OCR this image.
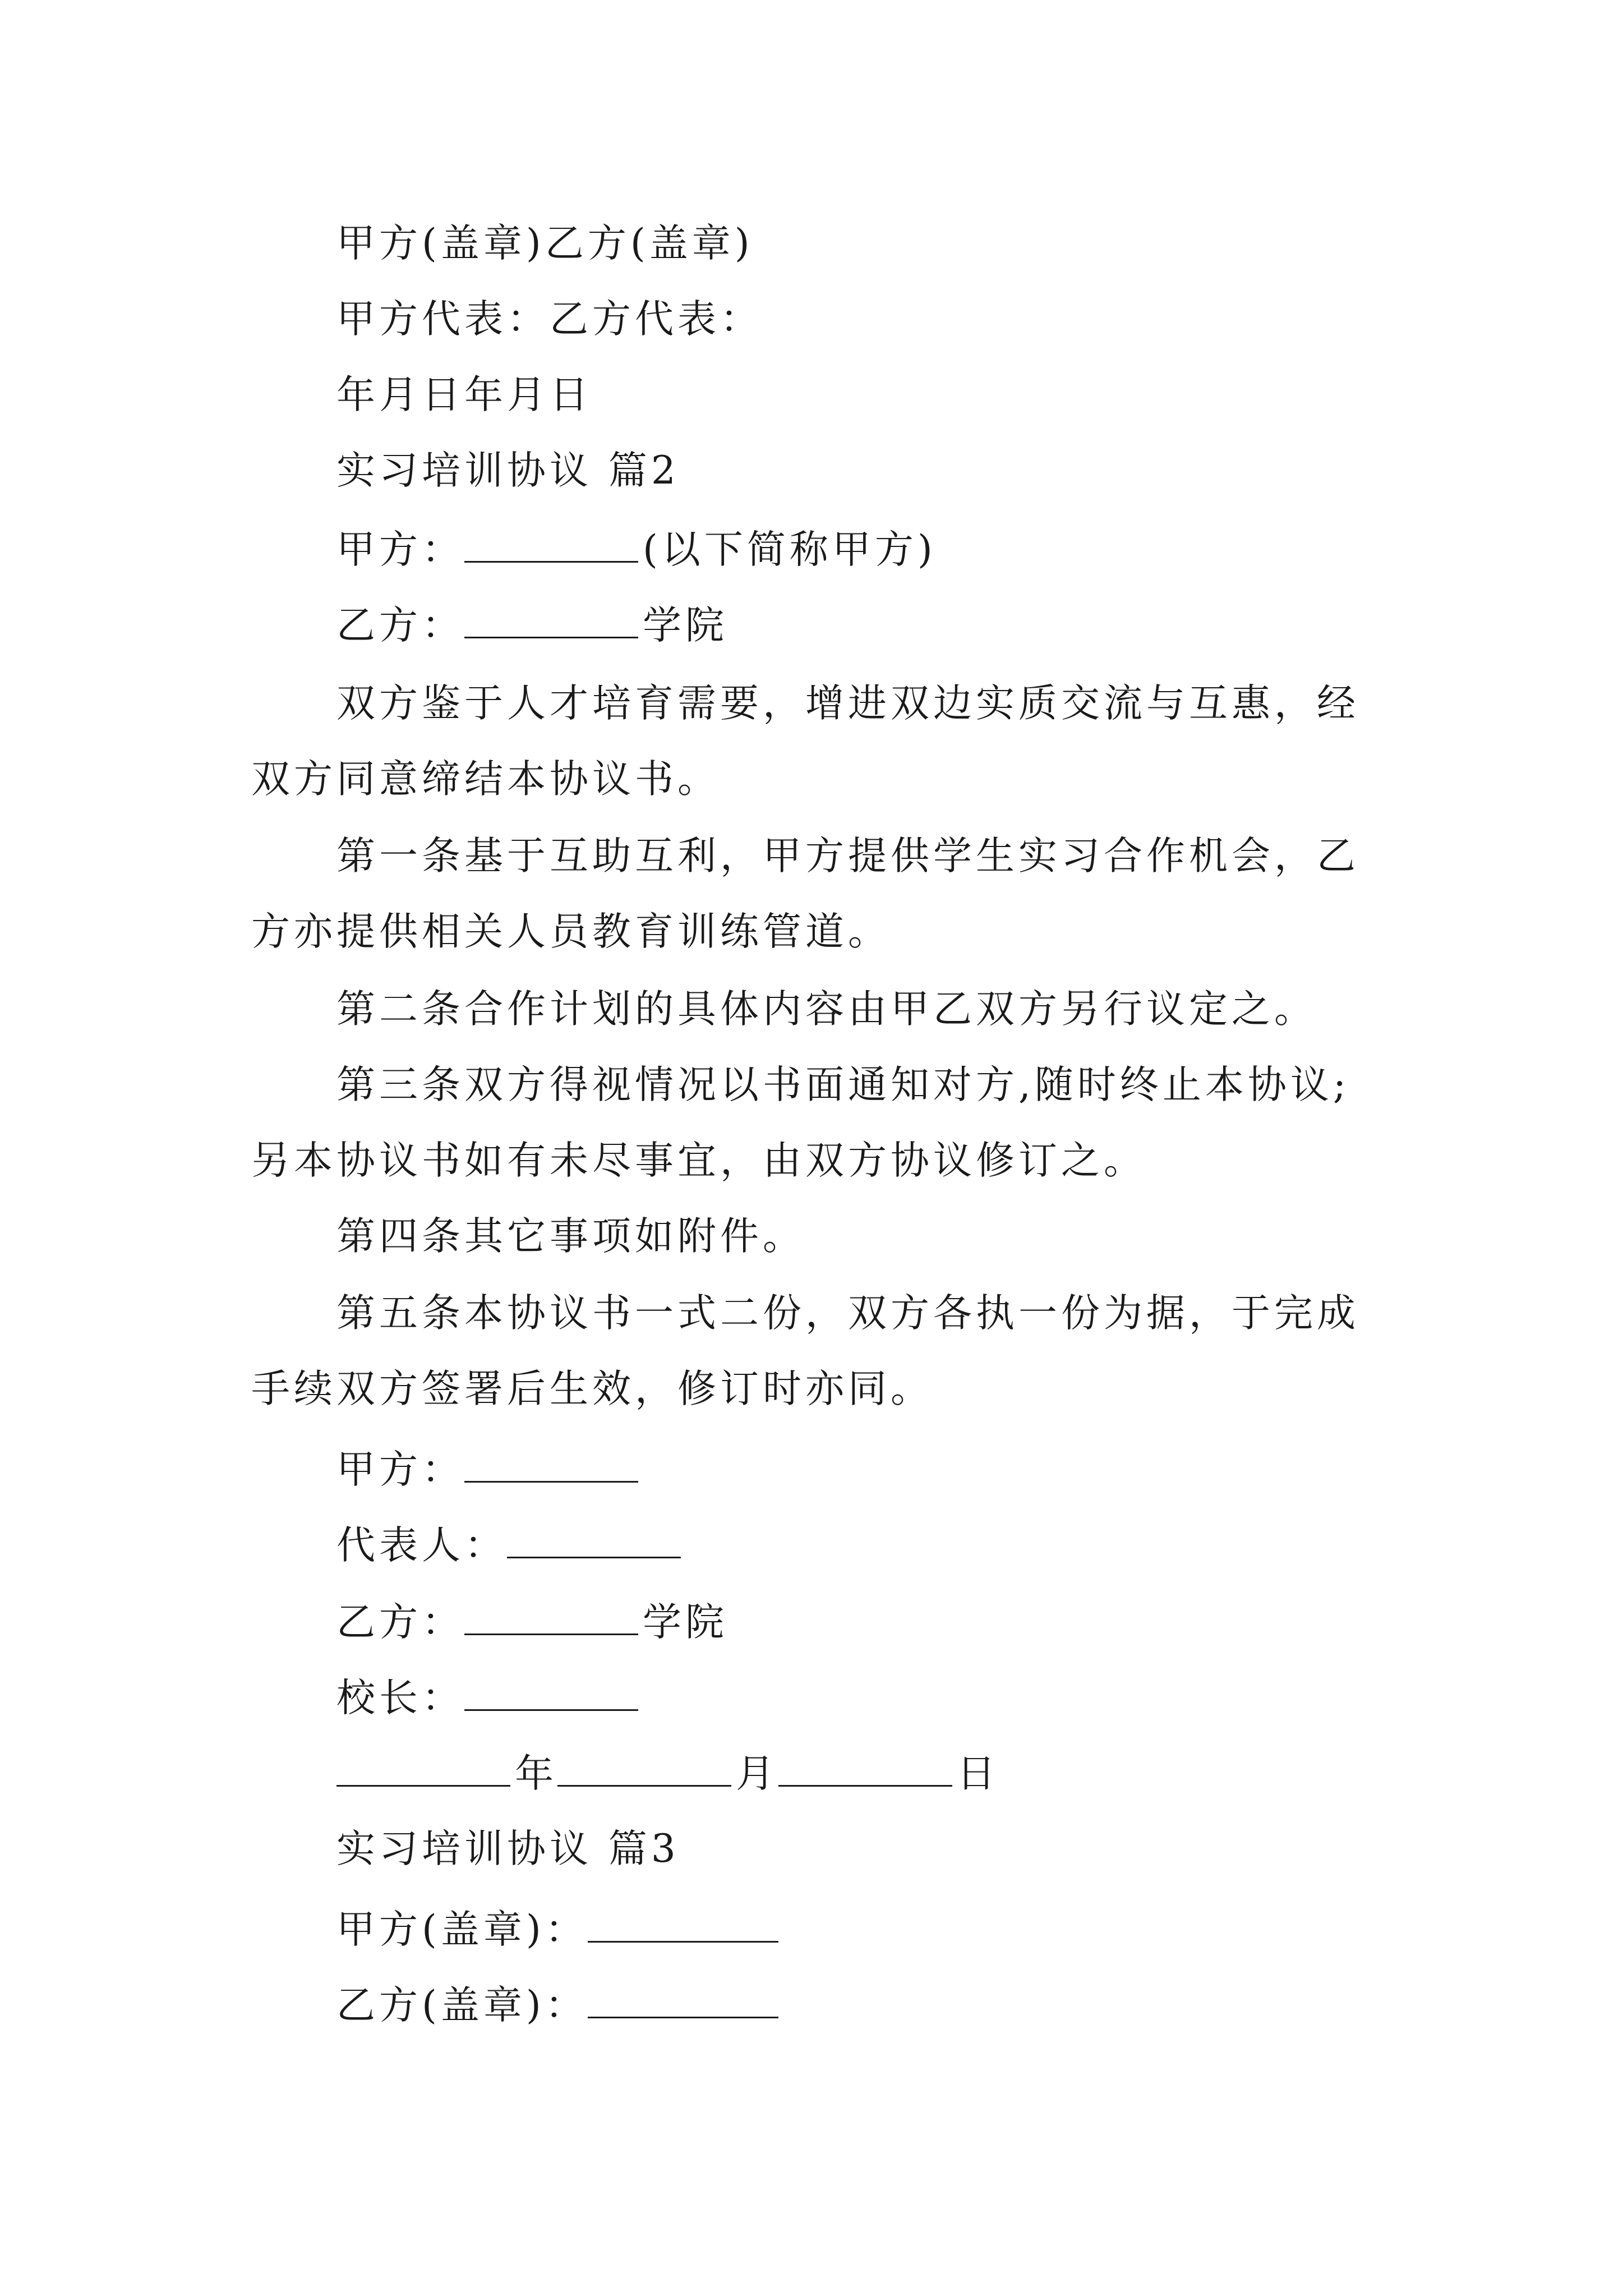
甲方(盖章)乙方(盖章)
甲方代表：乙方代表：
年月日年月日
实习培训协议 篇2
甲方：	(以下简称甲方)
乙方：	学院
双方鉴于人才培育需要，增进双边实质交流与互惠，经
双方同意缔结本协议书。
第一条基于互助互利，甲方提供学生实习合作机会，乙
方亦提供相关人员教育训练管道。
第二条合作计划的具体内容由甲乙双方另行议定之。
第三条双方得视情况以书面通知对方,随时终止本协议;
另本协议书如有未尽事宜，由双方协议修订之。
第四条其它事项如附件。
第五条本协议书一式二份，双方各执一份为据，于完成
手续双方签署后生效，修订时亦同。
甲方：
代表人：
乙方：	学院
校长：
年	月	日
实习培训协议 篇3
甲方(盖章)：
乙方(盖章)：
